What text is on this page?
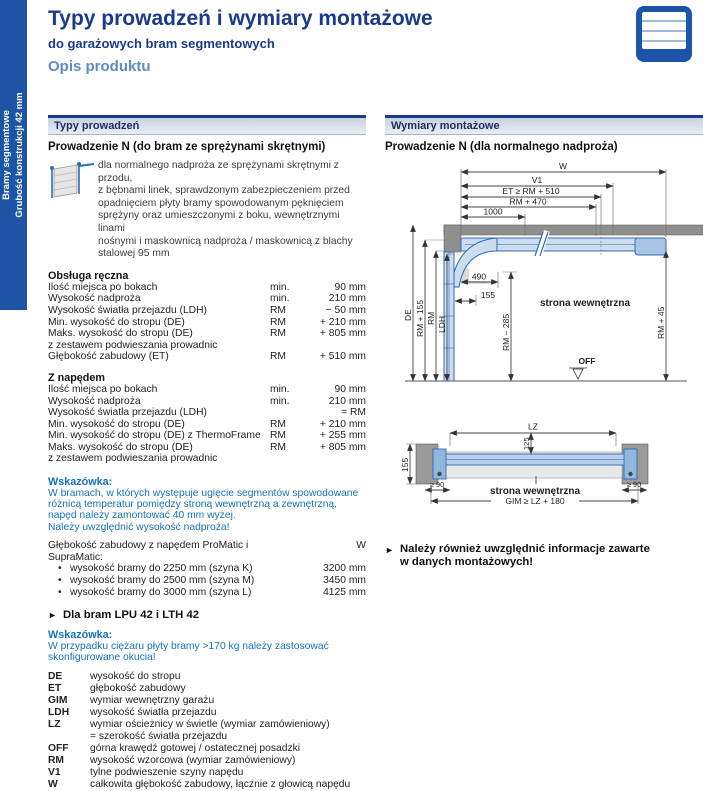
Bramy segmentowe Grubość konstrukcji 42 mm
Typy prowadzeń i wymiary montażowe
do garażowych bram segmentowych
Opis produktu
Typy prowadzeń
Prowadzenie N (do bram ze sprężynami skrętnymi)
dla normalnego nadproża ze sprężynami skrętnymi z przodu,
z bębnami linek, sprawdzonym zabezpieczeniem przed
opadnięciem płyty bramy spowodowanym pęknięciem
sprężyny oraz umieszczonymi z boku, wewnętrznymi linami
nośnymi i maskownicą nadproża / maskownicą z blachy
stalowej 95 mm
Obsługa ręczna
Ilość miejsca po bokach	min.	90 mm
Wysokość nadproża	min.	210 mm
Wysokość światła przejazdu (LDH)	RM	− 50 mm
Min. wysokość do stropu (DE)	RM	+ 210 mm
Maks. wysokość do stropu (DE)	RM	+ 805 mm
z zestawem podwieszania prowadnic
Głębokość zabudowy (ET)	RM	+ 510 mm
Z napędem
Ilość miejsca po bokach	min.	90 mm
Wysokość nadproża	min.	210 mm
Wysokość światła przejazdu (LDH)	= RM
Min. wysokość do stropu (DE)	RM	+ 210 mm
Min. wysokość do stropu (DE) z ThermoFrame RM	+ 255 mm
Maks. wysokość do stropu (DE)	RM	+ 805 mm
z zestawem podwieszania prowadnic
Wskazówka:
W bramach, w których występuje ugięcie segmentów spowodowane
różnicą temperatur pomiędzy stroną wewnętrzną a zewnętrzną,
napęd należy zamontować 40 mm wyżej.
Należy uwzględnić wysokość nadproża!
Głębokość zabudowy z napędem ProMatic i SupraMatic:
W
• wysokość bramy do 2250 mm (szyna K)	3200 mm
• wysokość bramy do 2500 mm (szyna M)	3450 mm
• wysokość bramy do 3000 mm (szyna L)	4125 mm
► Dla bram LPU 42 i LTH 42
Wskazówka:
W przypadku ciężaru płyty bramy >170 kg należy zastosować
skonfigurowane okucia!
DE	wysokość do stropu
ET	głębokość zabudowy
GIM	wymiar wewnętrzny garażu
LDH	wysokość światła przejazdu
LZ	wymiar ościeżnicy w świetle (wymiar zamówieniowy)
= szerokość światła przejazdu
OFF	górna krawędź gotowej / ostatecznej posadzki
RM	wysokość wzorcowa (wymiar zamówieniowy)
V1	tylne podwieszenie szyny napędu
W	całkowita głębokość zabudowy, łącznie z głowicą napędu
Wymiary montażowe
Prowadzenie N (dla normalnego nadproża)
W
V1
ET ≥ RM + 510
RM + 470
1000
490
155
RM − 285
DE RM + 155 RM LDH	RM + 45
strona wewnętrzna
OFF
LZ
125
155
≥ 90	≥ 90
GIM ≥ LZ + 180
strona wewnętrzna
► Należy również uwzględnić informacje zawarte
w danych montażowych!
